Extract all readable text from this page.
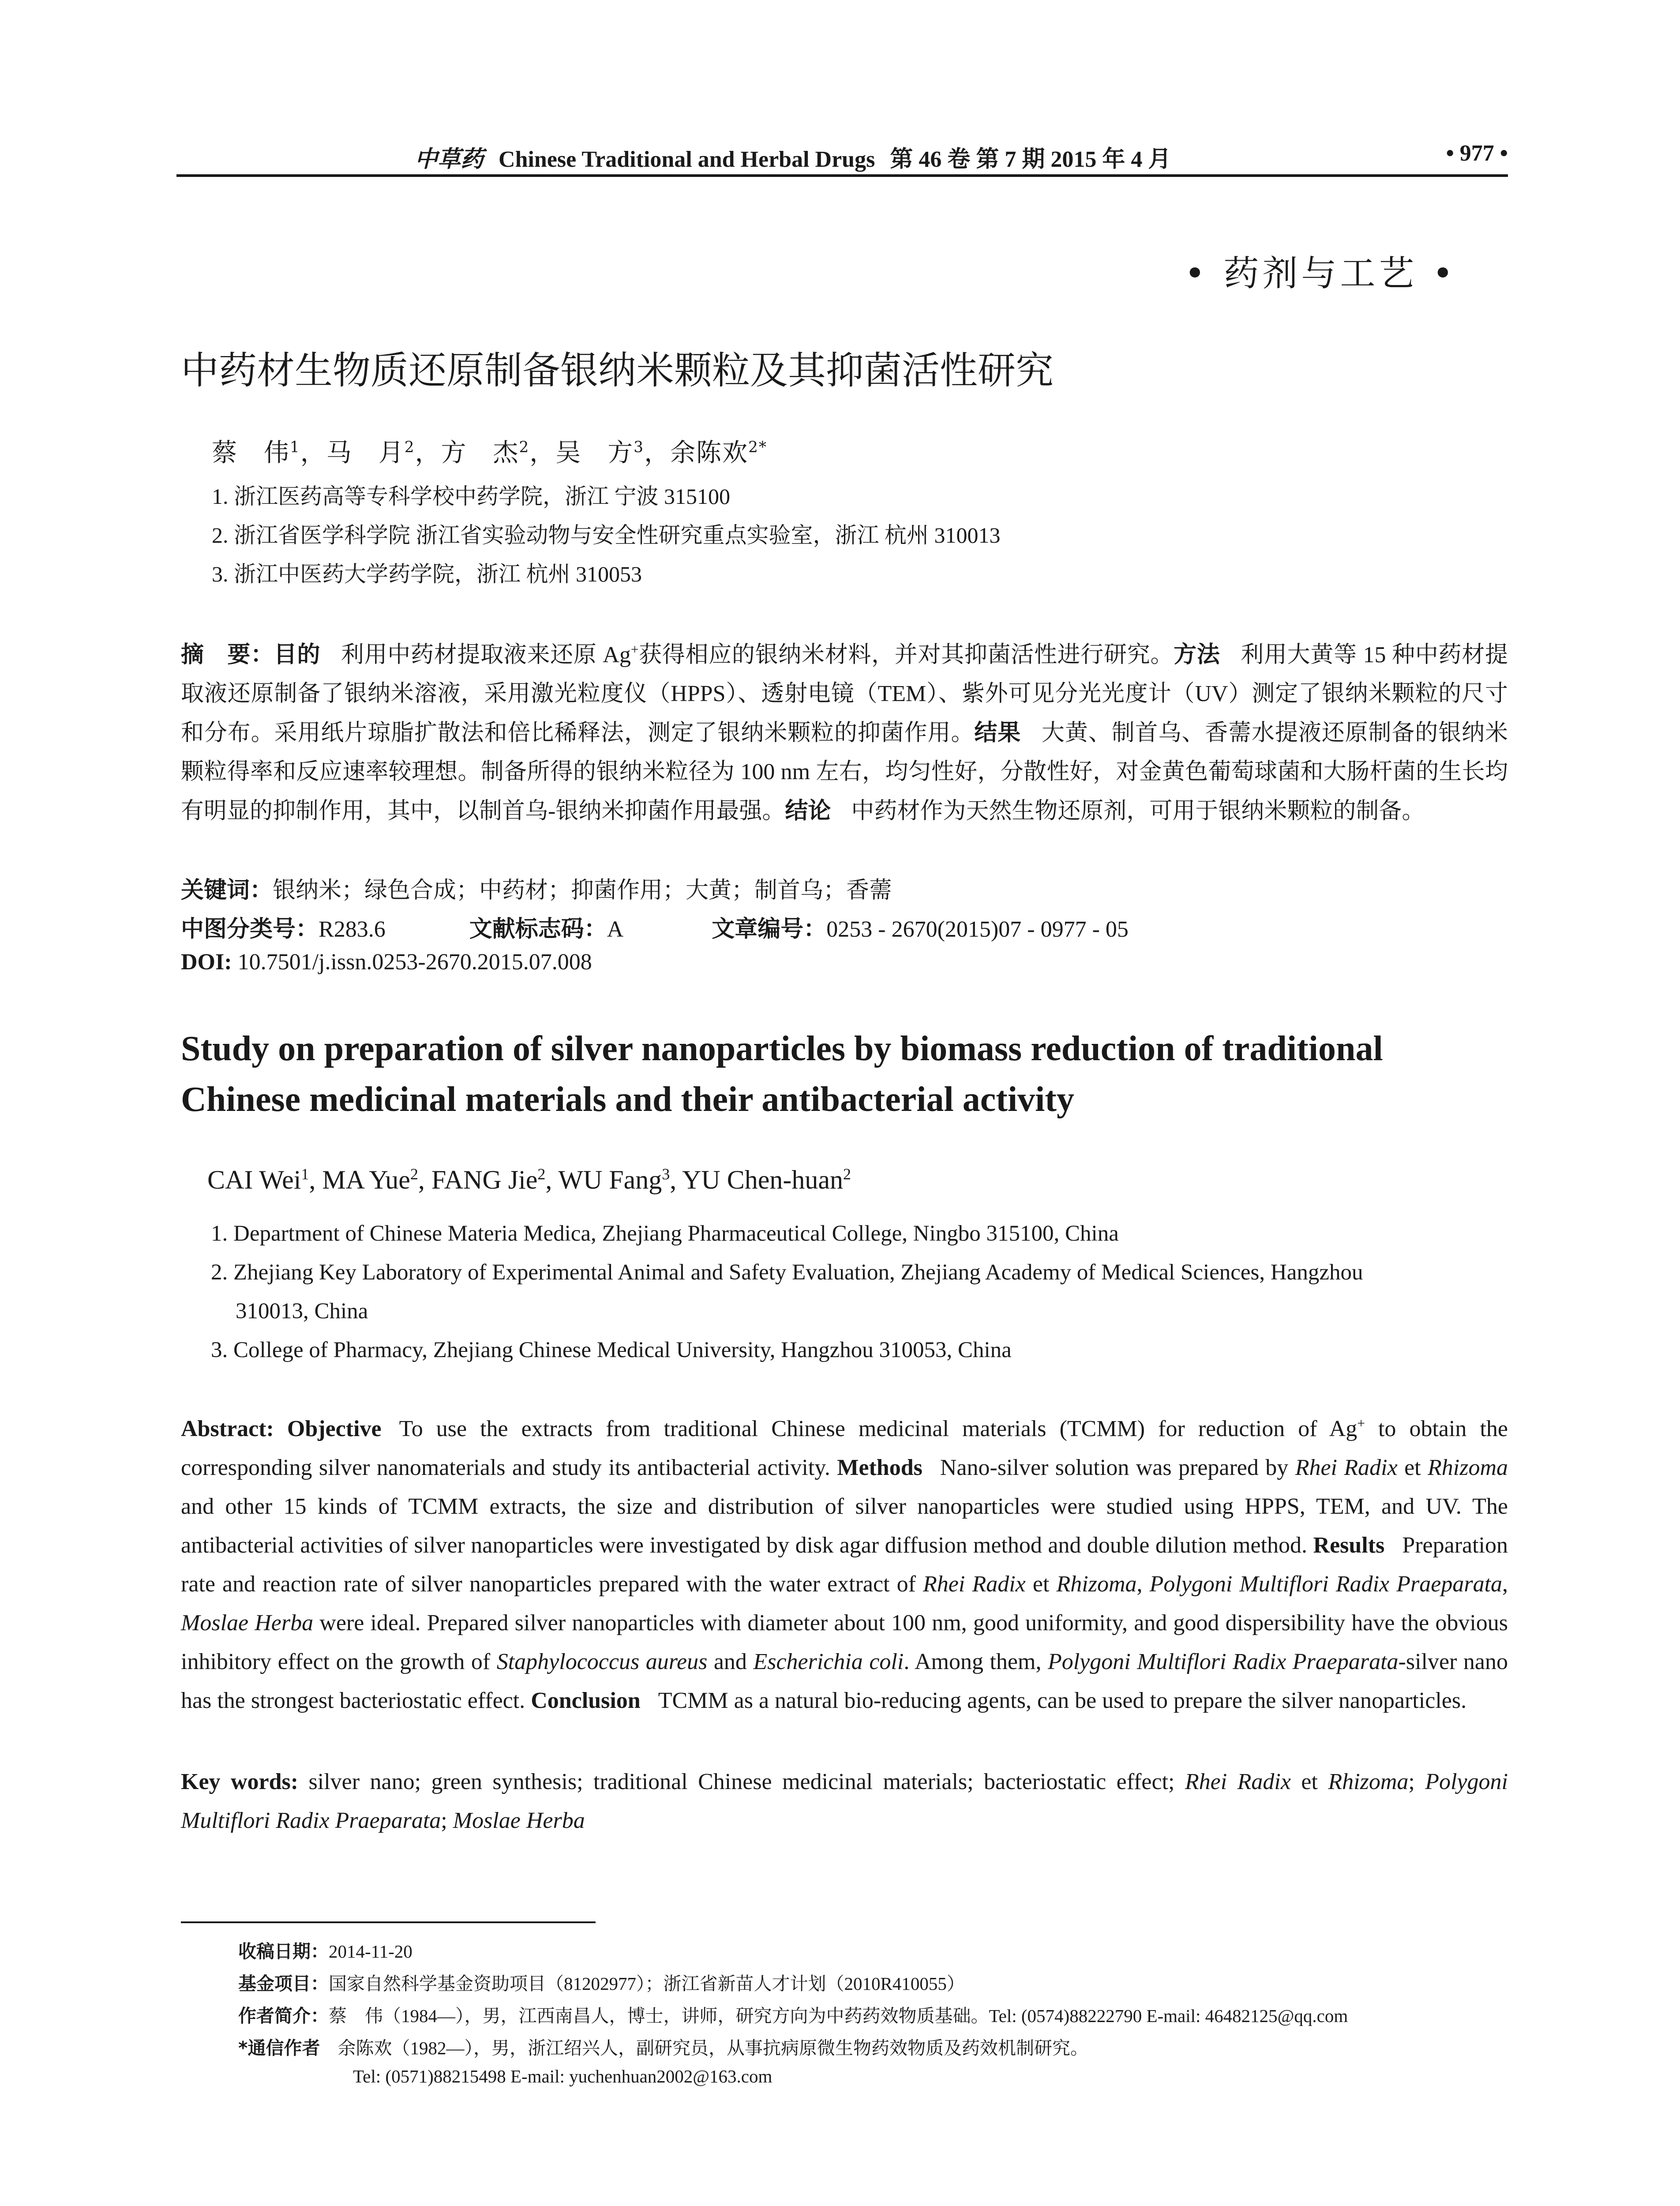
中草药 Chinese Traditional and Herbal Drugs 第 46 卷 第 7 期 2015 年 4 月	• 977 •
• 药剂与工艺 •
中药材生物质还原制备银纳米颗粒及其抑菌活性研究
蔡　伟$^1$，马　月$^2$，方　杰$^2$，吴　方$^3$，余陈欢$^{2*}$
1. 浙江医药高等专科学校中药学院，浙江 宁波 315100
2. 浙江省医学科学院 浙江省实验动物与安全性研究重点实验室，浙江 杭州 310013
3. 浙江中医药大学药学院，浙江 杭州 310053
摘　要：目的 利用中药材提取液来还原 Ag+获得相应的银纳米材料，并对其抑菌活性进行研究。方法 利用大黄等 15 种中药材提取液还原制备了银纳米溶液，采用激光粒度仪（HPPS）、透射电镜（TEM）、紫外可见分光光度计（UV）测定了银纳米颗粒的尺寸和分布。采用纸片琼脂扩散法和倍比稀释法，测定了银纳米颗粒的抑菌作用。结果 大黄、制首乌、香薷水提液还原制备的银纳米颗粒得率和反应速率较理想。制备所得的银纳米粒径为 100 nm 左右，均匀性好，分散性好，对金黄色葡萄球菌和大肠杆菌的生长均有明显的抑制作用，其中，以制首乌-银纳米抑菌作用最强。结论 中药材作为天然生物还原剂，可用于银纳米颗粒的制备。
关键词：银纳米；绿色合成；中药材；抑菌作用；大黄；制首乌；香薷
中图分类号：R283.6	文献标志码：A	文章编号：0253 - 2670(2015)07 - 0977 - 05
DOI: 10.7501/j.issn.0253-2670.2015.07.008
Study on preparation of silver nanoparticles by biomass reduction of traditional
Chinese medicinal materials and their antibacterial activity
CAI Wei$^1$, MA Yue$^2$, FANG Jie$^2$, WU Fang$^3$, YU Chen-huan$^2$
1. Department of Chinese Materia Medica, Zhejiang Pharmaceutical College, Ningbo 315100, China
2. Zhejiang Key Laboratory of Experimental Animal and Safety Evaluation, Zhejiang Academy of Medical Sciences, Hangzhou
310013, China
3. College of Pharmacy, Zhejiang Chinese Medical University, Hangzhou 310053, China
Abstract: Objective To use the extracts from traditional Chinese medicinal materials (TCMM) for reduction of Ag+ to obtain the corresponding silver nanomaterials and study its antibacterial activity. Methods Nano-silver solution was prepared by Rhei Radix et Rhizoma and other 15 kinds of TCMM extracts, the size and distribution of silver nanoparticles were studied using HPPS, TEM, and UV. The antibacterial activities of silver nanoparticles were investigated by disk agar diffusion method and double dilution method. Results Preparation rate and reaction rate of silver nanoparticles prepared with the water extract of Rhei Radix et Rhizoma, Polygoni Multiflori Radix Praeparata, Moslae Herba were ideal. Prepared silver nanoparticles with diameter about 100 nm, good uniformity, and good dispersibility have the obvious inhibitory effect on the growth of Staphylococcus aureus and Escherichia coli. Among them, Polygoni Multiflori Radix Praeparata-silver nano has the strongest bacteriostatic effect. Conclusion TCMM as a natural bio-reducing agents, can be used to prepare the silver nanoparticles.
Key words: silver nano; green synthesis; traditional Chinese medicinal materials; bacteriostatic effect; Rhei Radix et Rhizoma; Polygoni Multiflori Radix Praeparata; Moslae Herba
收稿日期：2014-11-20
基金项目：国家自然科学基金资助项目（81202977）；浙江省新苗人才计划（2010R410055）
作者简介：蔡　伟（1984—），男，江西南昌人，博士，讲师，研究方向为中药药效物质基础。Tel: (0574)88222790 E-mail: 46482125@qq.com
*通信作者 余陈欢（1982—），男，浙江绍兴人，副研究员，从事抗病原微生物药效物质及药效机制研究。
Tel: (0571)88215498 E-mail: yuchenhuan2002@163.com
